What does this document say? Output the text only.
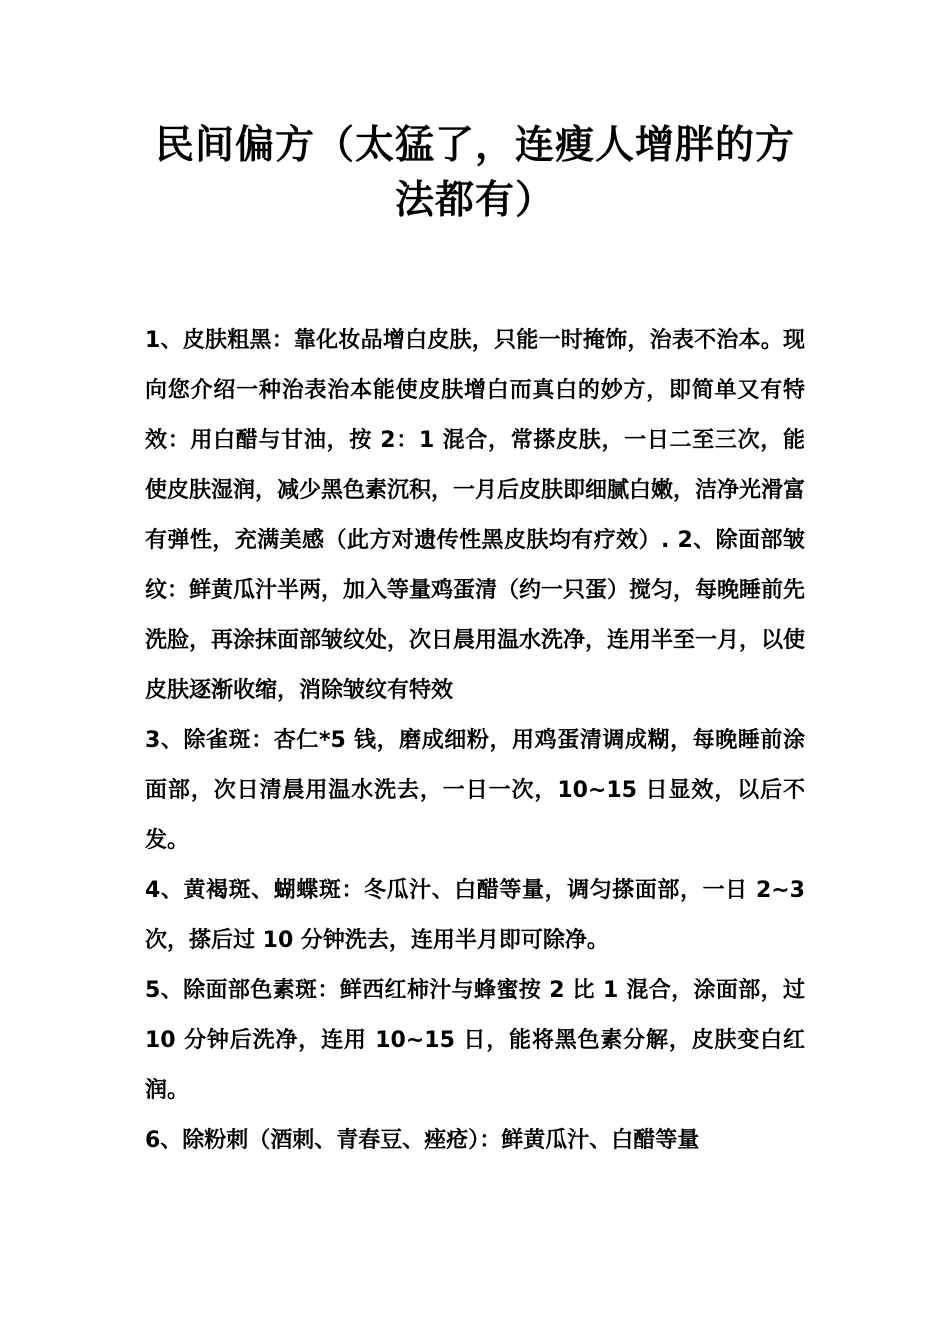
民间偏方（太猛了，连瘦人增胖的方法都有）

1、皮肤粗黑：靠化妆品增白皮肤，只能一时掩饰，治表不治本。现向您介绍一种治表治本能使皮肤增白而真白的妙方，即简单又有特效：用白醋与甘油，按 2：1 混合，常搽皮肤，一日二至三次，能使皮肤湿润，减少黑色素沉积，一月后皮肤即细腻白嫩，洁净光滑富有弹性，充满美感（此方对遗传性黑皮肤均有疗效）. 2、除面部皱纹：鲜黄瓜汁半两，加入等量鸡蛋清（约一只蛋）搅匀，每晚睡前先洗脸，再涂抹面部皱纹处，次日晨用温水洗净，连用半至一月，以使皮肤逐渐收缩，消除皱纹有特效

3、除雀斑：杏仁*5 钱，磨成细粉，用鸡蛋清调成糊，每晚睡前涂面部，次日清晨用温水洗去，一日一次，10~15 日显效，以后不发。

4、黄褐斑、蝴蝶斑：冬瓜汁、白醋等量，调匀搽面部，一日 2~3 次，搽后过 10 分钟洗去，连用半月即可除净。

5、除面部色素斑：鲜西红柿汁与蜂蜜按 2 比 1 混合，涂面部，过 10 分钟后洗净，连用 10~15 日，能将黑色素分解，皮肤变白红润。

6、除粉刺（酒刺、青春豆、痤疮）：鲜黄瓜汁、白醋等量
